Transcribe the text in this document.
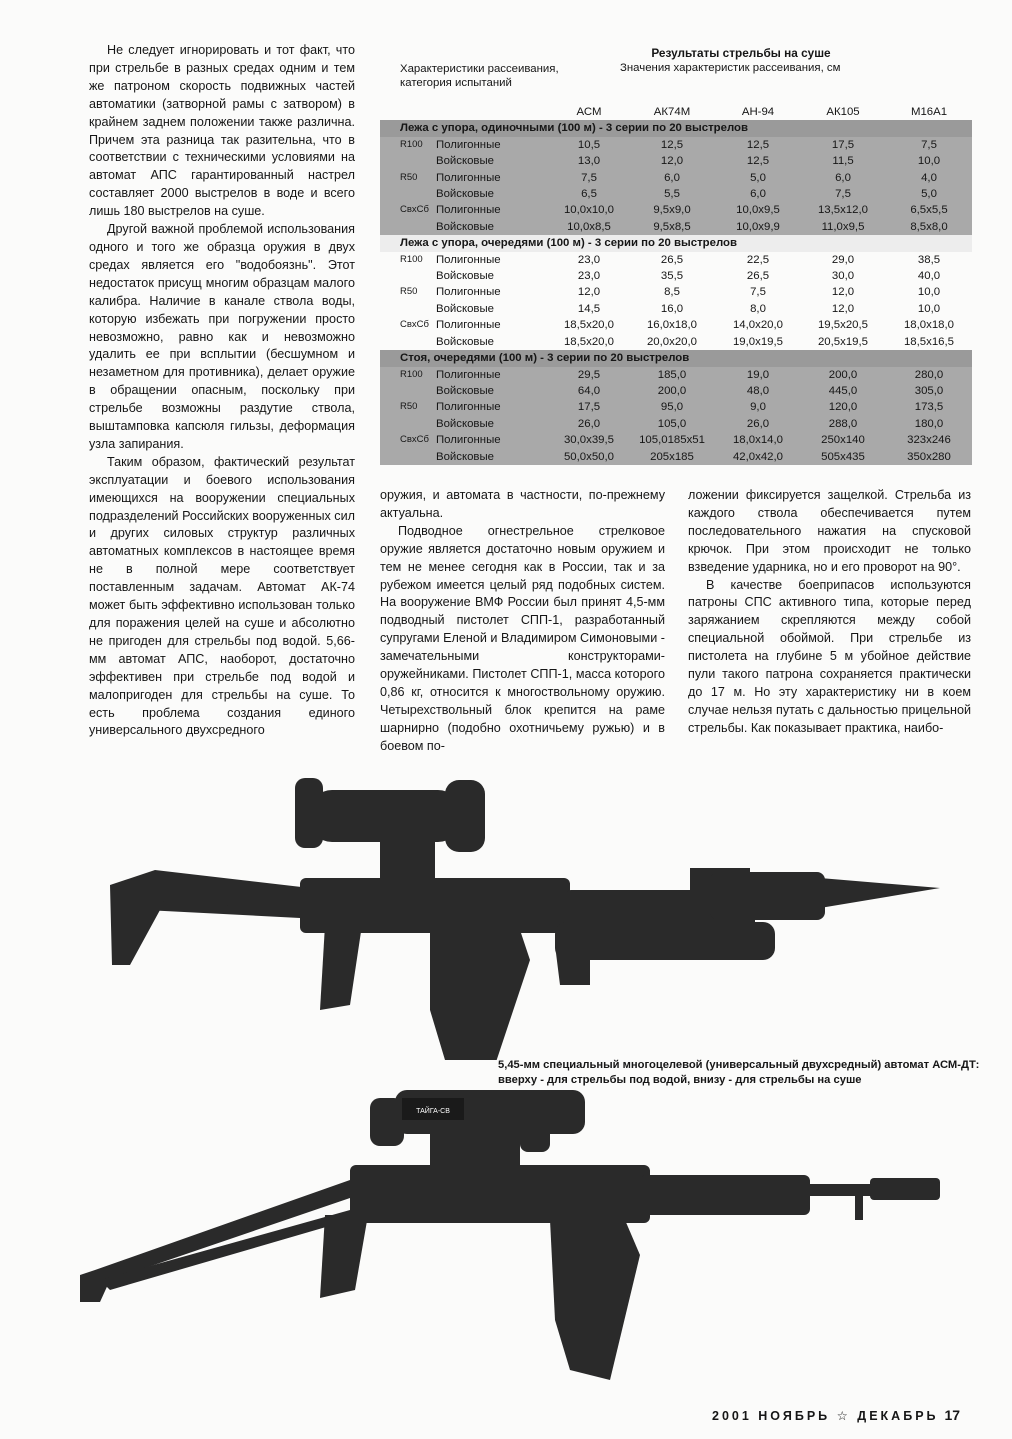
Не следует игнорировать и тот факт, что при стрельбе в разных средах одним и тем же патроном скорость подвижных частей автоматики (затворной рамы с затвором) в крайнем заднем положении также различна. Причем эта разница так разительна, что в соответствии с техническими условиями на автомат АПС гарантированный настрел составляет 2000 выстрелов в воде и всего лишь 180 выстрелов на суше.

Другой важной проблемой использования одного и того же образца оружия в двух средах является его "водобоязнь". Этот недостаток присущ многим образцам малого калибра. Наличие в канале ствола воды, которую избежать при погружении просто невозможно, равно как и невозможно удалить ее при всплытии (бесшумном и незаметном для противника), делает оружие в обращении опасным, поскольку при стрельбе возможны раздутие ствола, выштамповка капсюля гильзы, деформация узла запирания.

Таким образом, фактический результат эксплуатации и боевого использования имеющихся на вооружении специальных подразделений Российских вооруженных сил и других силовых структур различных автоматных комплексов в настоящее время не в полной мере соответствует поставленным задачам. Автомат АК-74 может быть эффективно использован только для поражения целей на суше и абсолютно не пригоден для стрельбы под водой. 5,66-мм автомат АПС, наоборот, достаточно эффективен при стрельбе под водой и малопригоден для стрельбы на суше. То есть проблема создания единого универсального двухсредного

Результаты стрельбы на суше
Характеристики рассеивания, категория испытаний
Значения характеристик рассеивания, см
		АСМ	АК74М	АН-94	АК105	М16А1
Лежа с упора, одиночными (100 м) - 3 серии по 20 выстрелов						
R100	Полигонные	10,5	12,5	12,5	17,5	7,5
	Войсковые	13,0	12,0	12,5	11,5	10,0
R50	Полигонные	7,5	6,0	5,0	6,0	4,0
	Войсковые	6,5	5,5	6,0	7,5	5,0
СвхСб	Полигонные	10,0х10,0	9,5х9,0	10,0х9,5	13,5х12,0	6,5х5,5
	Войсковые	10,0х8,5	9,5х8,5	10,0х9,9	11,0х9,5	8,5х8,0
Лежа с упора, очередями (100 м) - 3 серии по 20 выстрелов						
R100	Полигонные	23,0	26,5	22,5	29,0	38,5
	Войсковые	23,0	35,5	26,5	30,0	40,0
R50	Полигонные	12,0	8,5	7,5	12,0	10,0
	Войсковые	14,5	16,0	8,0	12,0	10,0
СвхСб	Полигонные	18,5х20,0	16,0х18,0	14,0х20,0	19,5х20,5	18,0х18,0
	Войсковые	18,5х20,0	20,0х20,0	19,0х19,5	20,5х19,5	18,5х16,5
Стоя, очередями (100 м) - 3 серии по 20 выстрелов						
R100	Полигонные	29,5	185,0	19,0	200,0	280,0
	Войсковые	64,0	200,0	48,0	445,0	305,0
R50	Полигонные	17,5	95,0	9,0	120,0	173,5
	Войсковые	26,0	105,0	26,0	288,0	180,0
СвхСб	Полигонные	30,0х39,5	105,0185х51	18,0х14,0	250х140	323х246
	Войсковые	50,0х50,0	205х185	42,0х42,0	505х435	350х280

оружия, и автомата в частности, по-прежнему актуальна.

Подводное огнестрельное стрелковое оружие является достаточно новым оружием и тем не менее сегодня как в России, так и за рубежом имеется целый ряд подобных систем. На вооружение ВМФ России был принят 4,5-мм подводный пистолет СПП-1, разработанный супругами Еленой и Владимиром Симоновыми - замечательными конструкторами-оружейниками. Пистолет СПП-1, масса которого 0,86 кг, относится к многоствольному оружию. Четырехствольный блок крепится на раме шарнирно (подобно охотничьему ружью) и в боевом по-

ложении фиксируется защелкой. Стрельба из каждого ствола обеспечивается путем последовательного нажатия на спусковой крючок. При этом происходит не только взведение ударника, но и его проворот на 90°.

В качестве боеприпасов используются патроны СПС активного типа, которые перед заряжанием скрепляются между собой специальной обоймой. При стрельбе из пистолета на глубине 5 м убойное действие пули такого патрона сохраняется практически до 17 м. Но эту характеристику ни в коем случае нельзя путать с дальностью прицельной стрельбы. Как показывает практика, наибо-

5,45-мм специальный многоцелевой (универсальный двухсредный) автомат АСМ-ДТ: вверху - для стрельбы под водой, внизу - для стрельбы на суше
ТАЙГА-СВ
2001 НОЯБРЬ ☆ ДЕКАБРЬ 17
